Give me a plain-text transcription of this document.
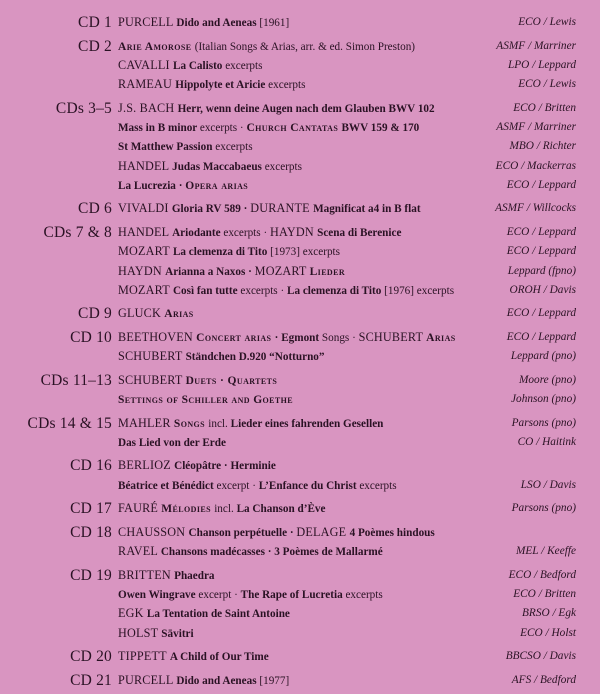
CD 1 PURCELL Dido and Aeneas [1961]	ECO / Lewis
CD 2 Arie Amorose (Italian Songs & Arias, arr. & ed. Simon Preston)	ASMF / Marriner
CAVALLI La Calisto excerpts	LPO / Leppard
RAMEAU Hippolyte et Aricie excerpts	ECO / Lewis
CDs 3–5 J.S. BACH Herr, wenn deine Augen nach dem Glauben BWV 102	ECO / Britten
Mass in B minor excerpts · Church Cantatas BWV 159 & 170	ASMF / Marriner
St Matthew Passion excerpts	MBO / Richter
HANDEL Judas Maccabaeus excerpts	ECO / Mackerras
La Lucrezia · Opera arias	ECO / Leppard
CD 6 VIVALDI Gloria RV 589 · DURANTE Magnificat a4 in B flat	ASMF / Willcocks
CDs 7 & 8 HANDEL Ariodante excerpts · HAYDN Scena di Berenice	ECO / Leppard
MOZART La clemenza di Tito [1973] excerpts	ECO / Leppard
HAYDN Arianna a Naxos · MOZART Lieder	Leppard (fpno)
MOZART Così fan tutte excerpts · La clemenza di Tito [1976] excerpts	OROH / Davis
CD 9 GLUCK Arias	ECO / Leppard
CD 10 BEETHOVEN Concert arias · Egmont Songs · SCHUBERT Arias	ECO / Leppard
SCHUBERT Ständchen D.920 “Notturno”	Leppard (pno)
CDs 11–13 SCHUBERT Duets · Quartets	Moore (pno)
Settings of Schiller and Goethe	Johnson (pno)
CDs 14 & 15 MAHLER Songs incl. Lieder eines fahrenden Gesellen	Parsons (pno)
Das Lied von der Erde	CO / Haitink
CD 16 BERLIOZ Cléopâtre · Herminie
Béatrice et Bénédict excerpt · L’Enfance du Christ excerpts	LSO / Davis
CD 17 FAURÉ Mélodies incl. La Chanson d’Ève	Parsons (pno)
CD 18 CHAUSSON Chanson perpétuelle · DELAGE 4 Poèmes hindous
RAVEL Chansons madécasses · 3 Poèmes de Mallarmé	MEL / Keeffe
CD 19 BRITTEN Phaedra	ECO / Bedford
Owen Wingrave excerpt · The Rape of Lucretia excerpts	ECO / Britten
EGK La Tentation de Saint Antoine	BRSO / Egk
HOLST Sāvitri	ECO / Holst
CD 20 TIPPETT A Child of Our Time	BBCSO / Davis
CD 21 PURCELL Dido and Aeneas [1977]	AFS / Bedford
